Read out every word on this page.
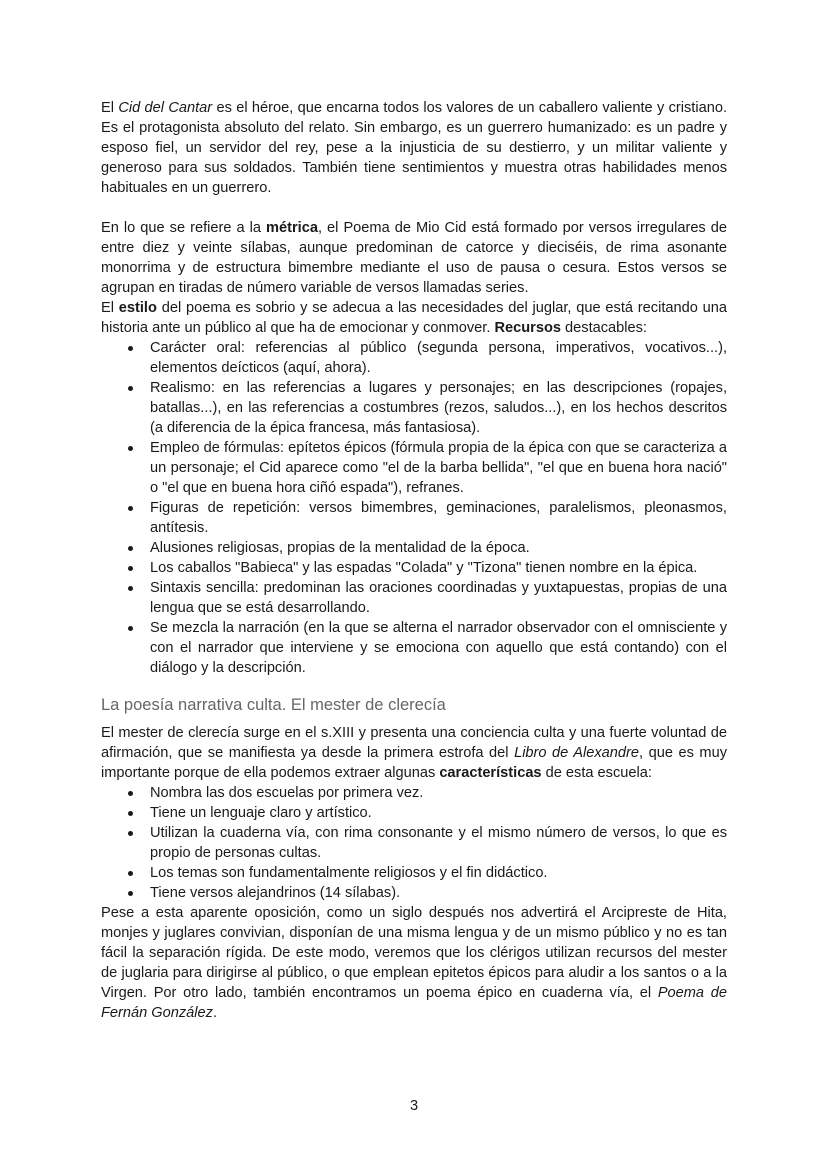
El Cid del Cantar es el héroe, que encarna todos los valores de un caballero valiente y cristiano. Es el protagonista absoluto del relato. Sin embargo, es un guerrero humanizado: es un padre y esposo fiel, un servidor del rey, pese a la injusticia de su destierro, y un militar valiente y generoso para sus soldados. También tiene sentimientos y muestra otras habilidades menos habituales en un guerrero.

En lo que se refiere a la métrica, el Poema de Mio Cid está formado por versos irregulares de entre diez y veinte sílabas, aunque predominan de catorce y dieciséis, de rima asonante monorrima y de estructura bimembre mediante el uso de pausa o cesura. Estos versos se agrupan en tiradas de número variable de versos llamadas series.

El estilo del poema es sobrio y se adecua a las necesidades del juglar, que está recitando una historia ante un público al que ha de emocionar y conmover. Recursos destacables:

Carácter oral: referencias al público (segunda persona, imperativos, vocativos...), elementos deícticos (aquí, ahora).
Realismo: en las referencias a lugares y personajes; en las descripciones (ropajes, batallas...), en las referencias a costumbres (rezos, saludos...), en los hechos descritos (a diferencia de la épica francesa, más fantasiosa).
Empleo de fórmulas: epítetos épicos (fórmula propia de la épica con que se caracteriza a un personaje; el Cid aparece como "el de la barba bellida", "el que en buena hora nació" o "el que en buena hora ciñó espada"), refranes.
Figuras de repetición: versos bimembres, geminaciones, paralelismos, pleonasmos, antítesis.
Alusiones religiosas, propias de la mentalidad de la época.
Los caballos "Babieca" y las espadas "Colada" y "Tizona" tienen nombre en la épica.
Sintaxis sencilla: predominan las oraciones coordinadas y yuxtapuestas, propias de una lengua que se está desarrollando.
Se mezcla la narración (en la que se alterna el narrador observador con el omnisciente y con el narrador que interviene y se emociona con aquello que está contando) con el diálogo y la descripción.
La poesía narrativa culta. El mester de clerecía

El mester de clerecía surge en el s.XIII y presenta una conciencia culta y una fuerte voluntad de afirmación, que se manifiesta ya desde la primera estrofa del Libro de Alexandre, que es muy importante porque de ella podemos extraer algunas características de esta escuela:

Nombra las dos escuelas por primera vez.
Tiene un lenguaje claro y artístico.
Utilizan la cuaderna vía, con rima consonante y el mismo número de versos, lo que es propio de personas cultas.
Los temas son fundamentalmente religiosos y el fin didáctico.
Tiene versos alejandrinos (14 sílabas).

Pese a esta aparente oposición, como un siglo después nos advertirá el Arcipreste de Hita, monjes y juglares convivian, disponían de una misma lengua y de un mismo público y no es tan fácil la separación rígida. De este modo, veremos que los clérigos utilizan recursos del mester de juglaria para dirigirse al público, o que emplean epitetos épicos para aludir a los santos o a la Virgen. Por otro lado, también encontramos un poema épico en cuaderna vía, el Poema de Fernán González.

3
